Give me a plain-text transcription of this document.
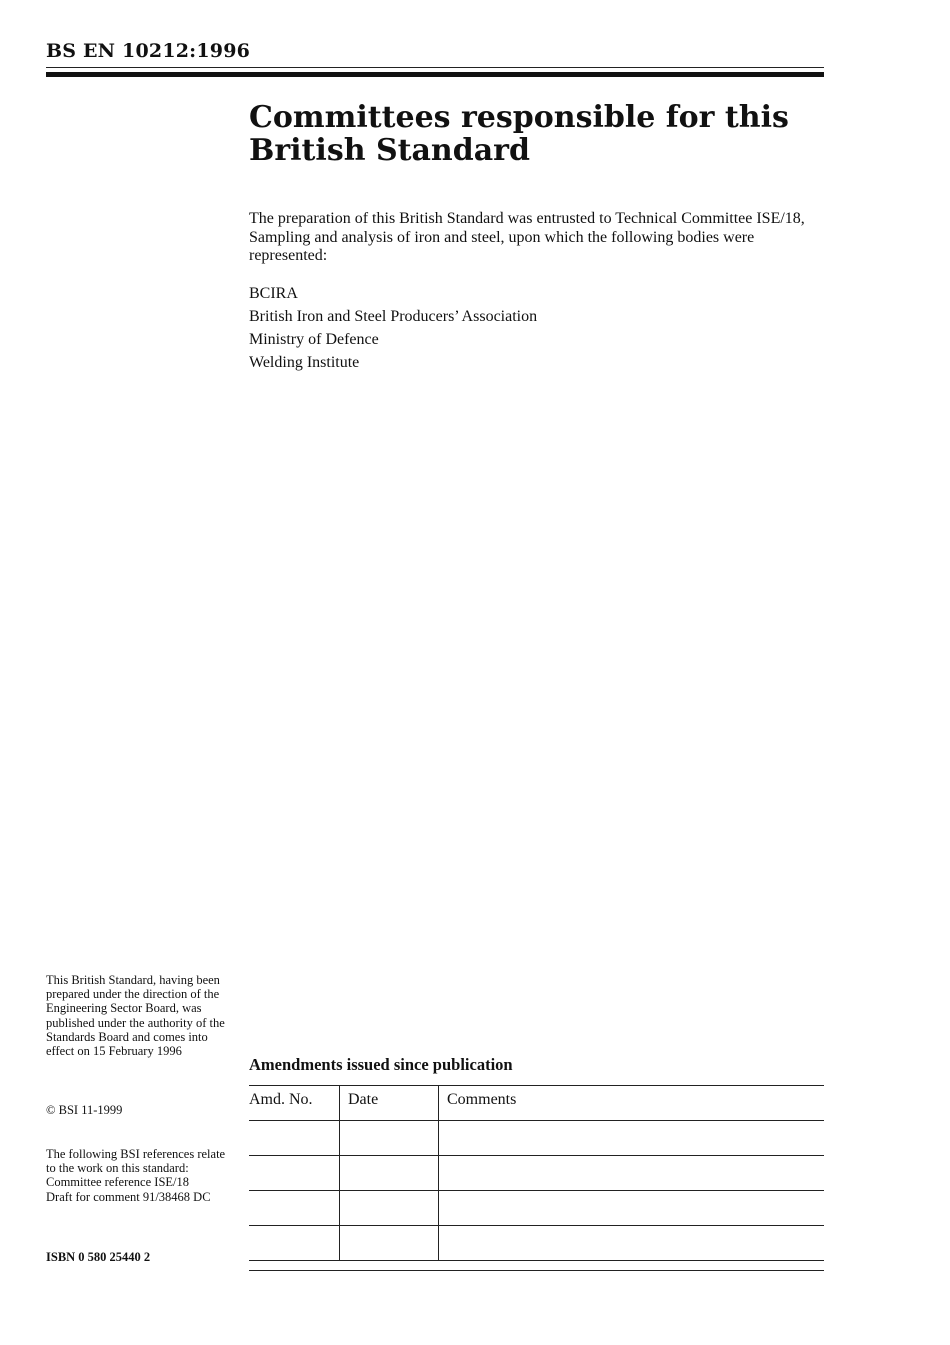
BS EN 10212:1996
Committees responsible for this British Standard

The preparation of this British Standard was entrusted to Technical Committee ISE/18, Sampling and analysis of iron and steel, upon which the following bodies were represented:

BCIRA
British Iron and Steel Producers’ Association
Ministry of Defence
Welding Institute

This British Standard, having been prepared under the direction of the Engineering Sector Board, was published under the authority of the Standards Board and comes into effect on 15 February 1996

© BSI 11-1999

The following BSI references relate to the work on this standard:
Committee reference ISE/18
Draft for comment 91/38468 DC

ISBN 0 580 25440 2

Amendments issued since publication
Amd. No.	Date	Comments
